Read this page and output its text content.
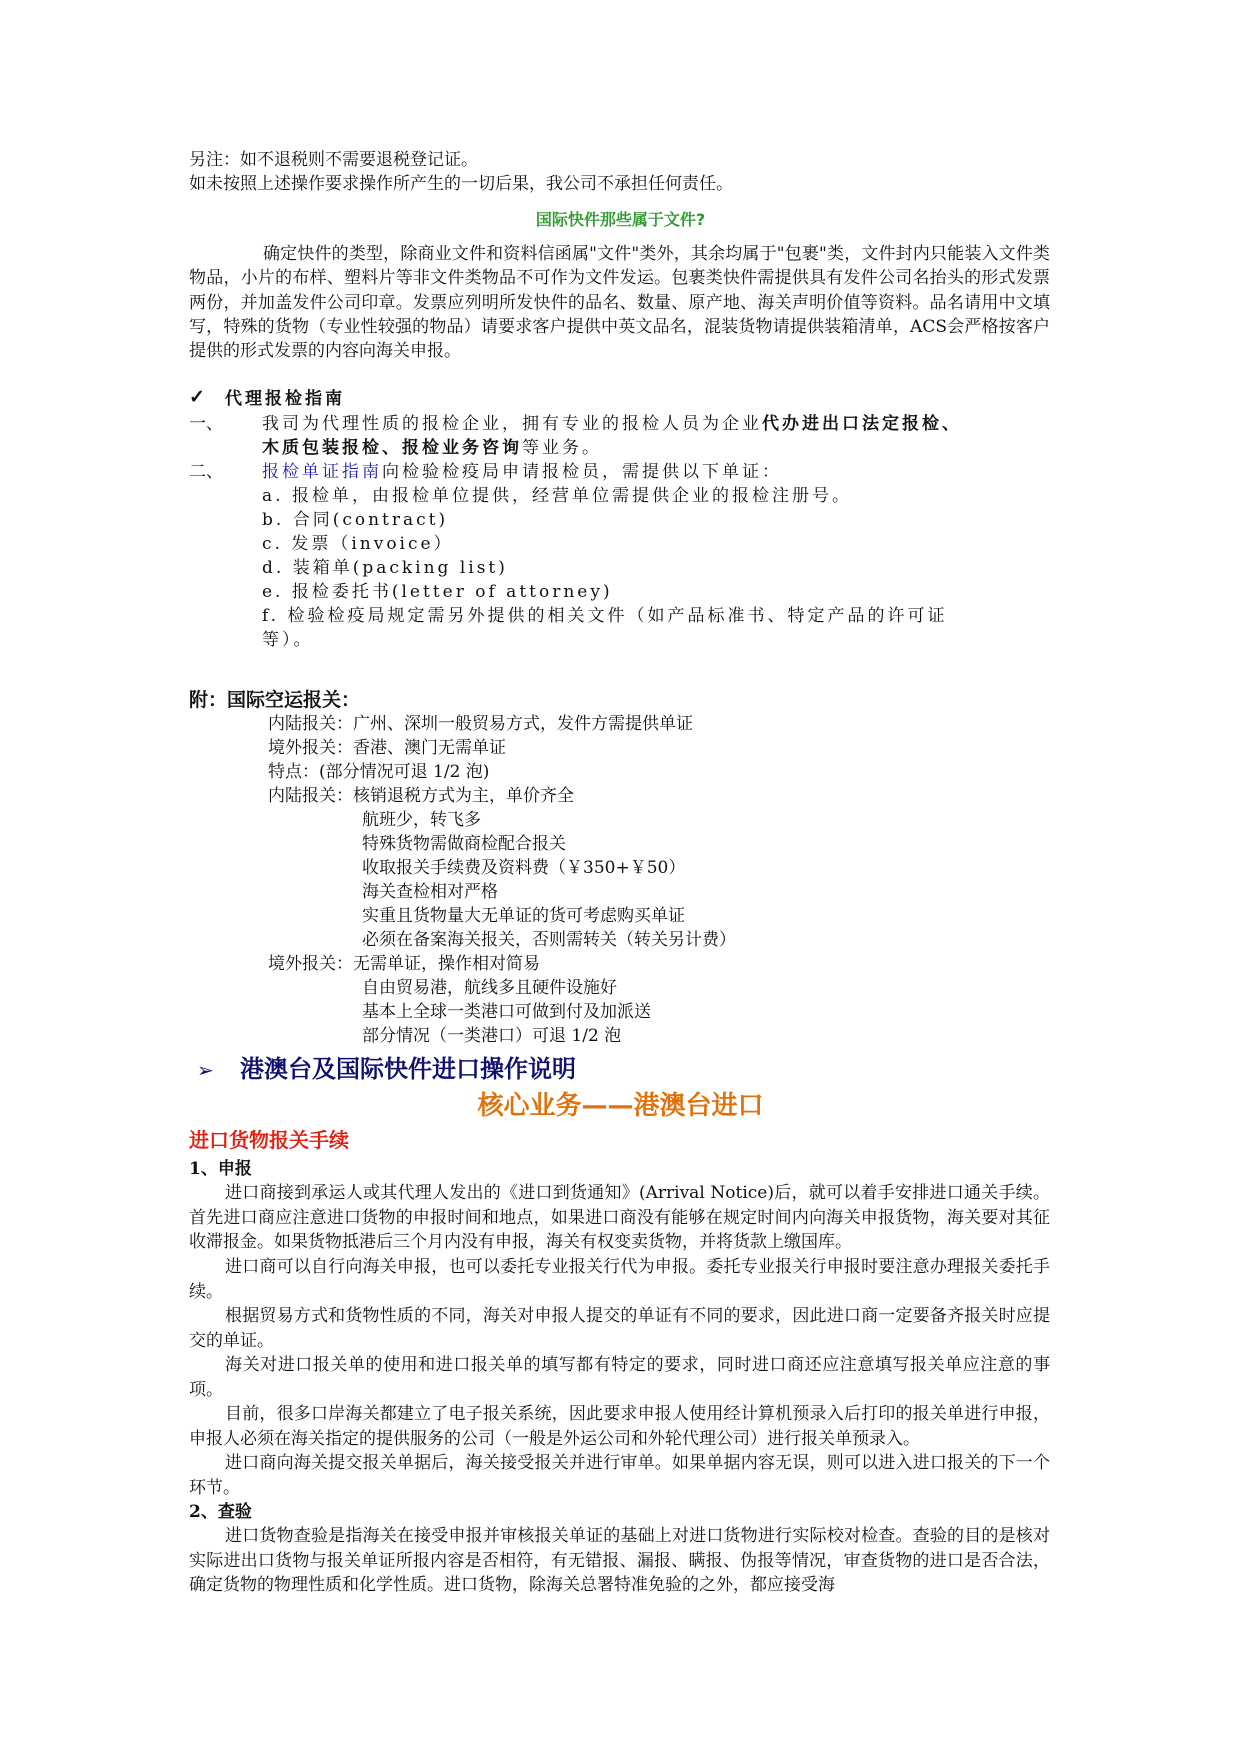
另注：如不退税则不需要退税登记证。
如未按照上述操作要求操作所产生的一切后果，我公司不承担任何责任。
国际快件那些属于文件?
确定快件的类型，除商业文件和资料信函属"文件"类外，其余均属于"包裹"类，文件封内只能装入文件类物品，小片的布样、塑料片等非文件类物品不可作为文件发运。包裹类快件需提供具有发件公司名抬头的形式发票两份，并加盖发件公司印章。发票应列明所发快件的品名、数量、原产地、海关声明价值等资料。品名请用中文填写，特殊的货物（专业性较强的物品）请要求客户提供中英文品名，混装货物请提供装箱清单，ACS会严格按客户提供的形式发票的内容向海关申报。
✓ 代理报检指南
一、 我司为代理性质的报检企业，拥有专业的报检人员为企业代办进出口法定报检、
木质包装报检、报检业务咨询等业务。
二、 报检单证指南向检验检疫局申请报检员，需提供以下单证：
a. 报检单，由报检单位提供，经营单位需提供企业的报检注册号。
b. 合同(contract)
c. 发票（invoice）
d. 装箱单(packing list)
e. 报检委托书(letter of attorney)
f. 检验检疫局规定需另外提供的相关文件（如产品标准书、特定产品的许可证
等）。
附：国际空运报关：
内陆报关：广州、深圳一般贸易方式，发件方需提供单证
境外报关：香港、澳门无需单证
特点：(部分情况可退 1/2 泡)
内陆报关：核销退税方式为主，单价齐全
航班少，转飞多
特殊货物需做商检配合报关
收取报关手续费及资料费（￥350+￥50）
海关查检相对严格
实重且货物量大无单证的货可考虑购买单证
必须在备案海关报关，否则需转关（转关另计费）
境外报关：无需单证，操作相对简易
自由贸易港，航线多且硬件设施好
基本上全球一类港口可做到付及加派送
部分情况（一类港口）可退 1/2 泡
➢ 港澳台及国际快件进口操作说明
核心业务——港澳台进口
进口货物报关手续
1、申报
进口商接到承运人或其代理人发出的《进口到货通知》(Arrival Notice)后，就可以着手安排进口通关手续。首先进口商应注意进口货物的申报时间和地点，如果进口商没有能够在规定时间内向海关申报货物，海关要对其征收滞报金。如果货物抵港后三个月内没有申报，海关有权变卖货物，并将货款上缴国库。
进口商可以自行向海关申报，也可以委托专业报关行代为申报。委托专业报关行申报时要注意办理报关委托手续。
根据贸易方式和货物性质的不同，海关对申报人提交的单证有不同的要求，因此进口商一定要备齐报关时应提交的单证。
海关对进口报关单的使用和进口报关单的填写都有特定的要求，同时进口商还应注意填写报关单应注意的事项。
目前，很多口岸海关都建立了电子报关系统，因此要求申报人使用经计算机预录入后打印的报关单进行申报，申报人必须在海关指定的提供服务的公司（一般是外运公司和外轮代理公司）进行报关单预录入。
进口商向海关提交报关单据后，海关接受报关并进行审单。如果单据内容无误，则可以进入进口报关的下一个环节。
2、查验
进口货物查验是指海关在接受申报并审核报关单证的基础上对进口货物进行实际校对检查。查验的目的是核对实际进出口货物与报关单证所报内容是否相符，有无错报、漏报、瞒报、伪报等情况，审查货物的进口是否合法，确定货物的物理性质和化学性质。进口货物，除海关总署特准免验的之外，都应接受海
